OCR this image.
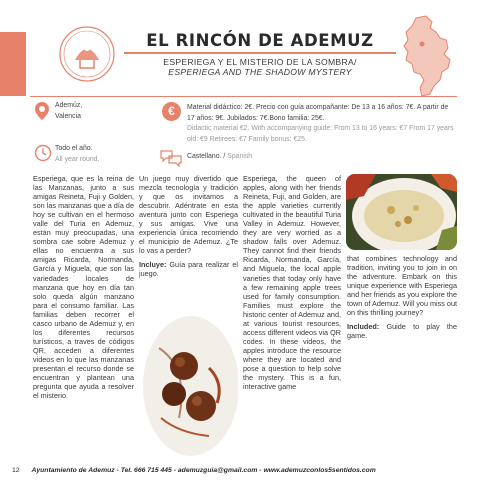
EL RINCÓN DE ADEMUZ
ESPERIEGA Y EL MISTERIO DE LA SOMBRA/
ESPERIEGA AND THE SHADOW MYSTERY
Ademúz,
Valencia
Todo el año.
All year round.
€	Material didáctico: 2€. Precio con guía acompañante: De 13 a 16 años: 7€. A partir de 17 años: 9€. Jubilados: 7€.Bono familia: 25€.
Didactic material €2. With accompanying guide: From 13 to 16 years: €7 From 17 years old: €9 Retirees: €7 Family bonus: €25.
Castellano. / Spanish

Esperiega, que es la reina de las Manzanas, junto a sus amigas Reineta, Fuji y Golden, son las manzanas que a día de hoy se cultivan en el hermoso valle del Turia en Ademuz, están muy preocupadas, una sombra cae sobre Ademuz y ellas no encuentra a sus amigas Ricarda, Normanda, García y Miguela, que son las variedades locales de manzana que hoy en día tan solo queda algún manzano para el consumo familiar. Las familias deben recorrer el casco urbano de Ademuz y, en los diferentes recursos turísticos, a traves de códigos QR, acceden a diferentes videos en lo que las manzanas presentan el recurso donde se encuentran y plantean una pregunta que ayuda a resolver el misterio.

Un juego muy divertido que mezcla tecnología y tradición y que os invitamos a descubrir. Adéntrate en esta aventura junto con Esperiega y sus amigas. Vive una experiencia única recorriendo el municipio de Ademuz. ¿Te lo vas a perder?

Incluye: Guía para realizar el juego.

Esperiega, the queen of apples, along with her friends Reineta, Fuji, and Golden, are the apple varieties currently cultivated in the beautiful Turia Valley in Ademuz. However, they are very worried as a shadow falls over Ademuz. They cannot find their friends Ricarda, Normanda, García, and Miguela, the local apple varieties that today only have a few remaining apple trees used for family consumption. Families must explore the historic center of Ademuz and, at various tourist resources, access different videos via QR codes. In these videos, the apples introduce the resource where they are located and pose a question to help solve the mystery. This is a fun, interactive game

that combines technology and tradition, inviting you to join in on the adventure. Embark on this unique experience with Esperiega and her friends as you explore the town of Ademuz. Will you miss out on this thrilling journey?

Included: Guide to play the game.

12 Ayuntamiento de Ademuz - Tel. 666 715 445 - ademuzguia@gmail.com - www.ademuzconlos5sentidos.com
